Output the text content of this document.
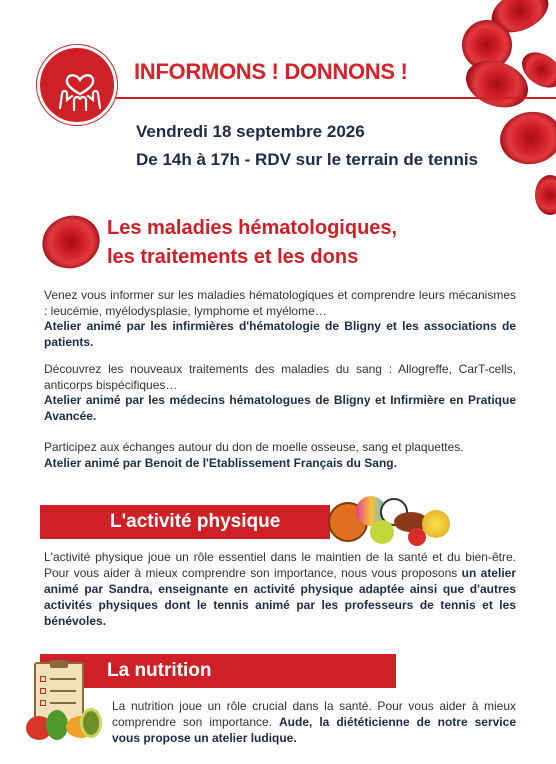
INFORMONS ! DONNONS !
Vendredi 18 septembre 2026
De 14h à 17h - RDV sur le terrain de tennis
Les maladies hématologiques,
les traitements et les dons
Venez vous informer sur les maladies hématologiques et comprendre leurs mécanismes : leucémie, myélodysplasie, lymphome et myélome…
Atelier animé par les infirmières d'hématologie de Bligny et les associations de patients.
Découvrez les nouveaux traitements des maladies du sang : Allogreffe, CarT-cells, anticorps bispécifiques…
Atelier animé par les médecins hématologues de Bligny et Infirmière en Pratique Avancée.
Participez aux échanges autour du don de moelle osseuse, sang et plaquettes.
Atelier animé par Benoit de l'Etablissement Français du Sang.
L'activité physique
L'activité physique joue un rôle essentiel dans le maintien de la santé et du bien-être. Pour vous aider à mieux comprendre son importance, nous vous proposons un atelier animé par Sandra, enseignante en activité physique adaptée ainsi que d'autres activités physiques dont le tennis animé par les professeurs de tennis et les bénévoles.
La nutrition
La nutrition joue un rôle crucial dans la santé. Pour vous aider à mieux comprendre son importance. Aude, la diététicienne de notre service vous propose un atelier ludique.
